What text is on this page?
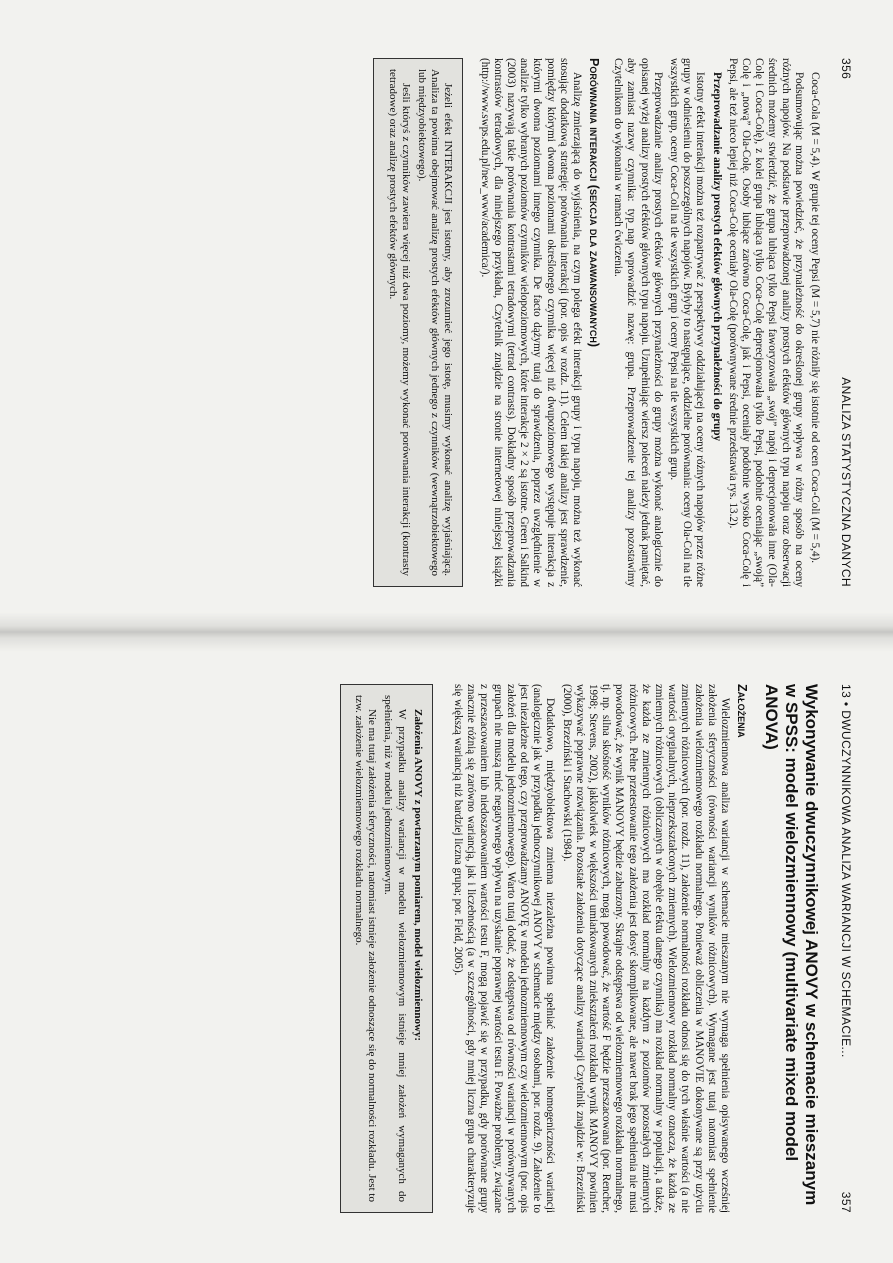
356
ANALIZA STATYSTYCZNA DANYCH

Coca-Cola (M = 5,4). W grupie tej oceny Pepsi (M = 5,7) nie różniły się istotnie od ocen Coca-Coli (M = 5,4).

Podsumowując można powiedzieć, że przynależność do określonej grupy wpływa w różny sposób na oceny różnych napojów. Na podstawie przeprowadzonej analizy prostych efektów głównych typu napoju oraz obserwacji średnich możemy stwierdzić, że grupa lubiąca tylko Pepsi faworyzowała „swój” napój i deprecjonowała inne (Ola-Colę i Coca-Colę), z kolei grupa lubiąca tylko Coca-Colę deprecjonowała tylko Pepsi, podobnie oceniając „swoją” Colę i „nową” Ola-Colę. Osoby lubiące zarówno Coca-Colę, jak i Pepsi, oceniały podobnie wysoko Coca-Colę i Pepsi, ale też nieco lepiej niż Coca-Colę oceniały Ola-Colę (porównywane średnie przedstawia rys. 13.2).

Przeprowadzanie analizy prostych efektów głównych przynależności do grupy

Istotny efekt interakcji można też rozpatrywać z perspektywy oddziałującej na oceny różnych napojów przez różne grupy w odniesieniu do poszczególnych napojów. Byłyby to następujące, oddzielne porównania: oceny Ola-Coli na tle wszystkich grup, oceny Coca-Coli na tle wszystkich grup i oceny Pepsi na tle wszystkich grup.

Przeprowadzanie analizy prostych efektów głównych przynależności do grupy można wykonać analogicznie do opisanej wyżej analizy prostych efektów głównych typu napoju. Uzupełniając wiersz poleceń należy jednak pamiętać, aby zamiast nazwy czynnika: typ_nap wprowadzić nazwę: grupa. Przeprowadzenie tej analizy pozostawimy Czytelnikom do wykonania w ramach ćwiczenia.

Porównania interakcji (sekcja dla zaawansowanych)

Analizę zmierzającą do wyjaśnienia, na czym polega efekt interakcji grupy i typu napoju, można też wykonać stosując dodatkową strategię: porównania interakcji (por. opis w rozdz. 11). Celem takiej analizy jest sprawdzenie, pomiędzy którymi dwoma poziomami określonego czynnika więcej niż dwupoziomowego występuje interakcja z którymi dwoma poziomami innego czynnika. De facto dążymy tutaj do sprawdzenia, poprzez uwzględnienie w analizie tylko wybranych poziomów czynników wielopoziomowych, które interakcje 2 × 2 są istotne. Green i Salkind (2003) nazywają takie porównania kontrastami tetradowymi (tetrad contrasts). Dokładny sposób przeprowadzania kontrastów tetradowych, dla niniejszego przykładu, Czytelnik znajdzie na stronie internetowej niniejszej książki (http://www.swps.edu.pl/new_www/academica/).

Jeżeli efekt INTERAKCJI jest istotny, aby zrozumieć jego istotę, musimy wykonać analizę wyjaśniającą. Analiza ta powinna obejmować analizę prostych efektów głównych jednego z czynników (wewnątrzobiektowego lub międzyobiektowego).

Jeśli któryś z czynników zawiera więcej niż dwa poziomy, możemy wykonać porównania interakcji (kontrasty tetradowe) oraz analizę prostych efektów głównych.

13 • DWUCZYNNIKOWA ANALIZA WARIANCJI W SCHEMACIE...
357
Wykonywanie dwuczynnikowej ANOVY w schemacie mieszanym w SPSS: model wielozmiennowy (multivariate mixed model ANOVA)
Założenia

Wielozmiennowa analiza wariancji w schemacie mieszanym nie wymaga spełnienia opisywanego wcześniej założenia sferyczności (równości wariancji wyników różnicowych). Wymagane jest tutaj natomiast spełnienie założenia wielozmiennowego rozkładu normalnego. Ponieważ obliczenia w MANOVIE dokonywane są przy użyciu zmiennych różnicowych (por. rozdz. 11), założenie normalności rozkładu odnosi się do tych właśnie wartości (a nie wartości oryginalnych, nieprzekształconych zmiennych). Wielozmiennowy rozkład normalny oznacza, że każda ze zmiennych różnicowych (obliczanych w obrębie efektu danego czynnika) ma rozkład normalny w populacji, a także, że każda ze zmiennych różnicowych ma rozkład normalny na każdym z poziomów pozostałych zmiennych różnicowych. Pełne przetestowanie tego założenia jest dosyć skomplikowane, ale nawet brak jego spełnienia nie musi powodować, że wynik MANOVY będzie zaburzony. Skrajne odstępstwa od wielozmiennowego rozkładu normalnego, tj. np. silna skośność wyników różnicowych, mogą powodować, że wartość F będzie przeszacowana (por. Rencher, 1998; Stevens, 2002), jakkolwiek w większości umiarkowanych zniekształceń rozkładu wynik MANOVY powinien wykazywać poprawne rozwiązania. Pozostałe założenia dotyczące analizy wariancji Czytelnik znajdzie w: Brzeziński (2000), Brzeziński i Stachowski (1984).

Dodatkowo, międzyobiektowa zmienna niezależna powinna spełniać założenie homogeniczności wariancji (analogicznie jak w przypadku jednoczynnikowej ANOVY w schemacie między osobami, por. rozdz. 9). Założenie to jest niezależne od tego, czy przeprowadzamy ANOVĘ w modelu jednozmiennowym czy wielozmiennowym (por. opis założeń dla modelu jednozmiennowego). Warto tutaj dodać, że odstępstwa od równości wariancji w porównywanych grupach nie muszą mieć negatywnego wpływu na uzyskanie poprawnej wartości testu F. Poważne problemy, związane z przeszacowaniem lub niedoszacowaniem wartości testu F, mogą pojawić się w przypadku, gdy porównane grupy znacznie różnią się zarówno wariancją, jak i liczebnością (a w szczególności, gdy mniej liczna grupa charakteryzuje się większą wariancją niż bardziej liczna grupa; por. Field, 2005).

Założenia ANOVY z powtarzanym pomiarem, model wielozmiennowy:

W przypadku analizy wariancji w modelu wielozmiennowym istnieje mniej założeń wymaganych do spełnienia, niż w modelu jednozmiennowym.

Nie ma tutaj założenia sferyczności, natomiast istnieje założenie odnoszące się do normalności rozkładu. Jest to tzw. założenie wielozmiennowego rozkładu normalnego.
